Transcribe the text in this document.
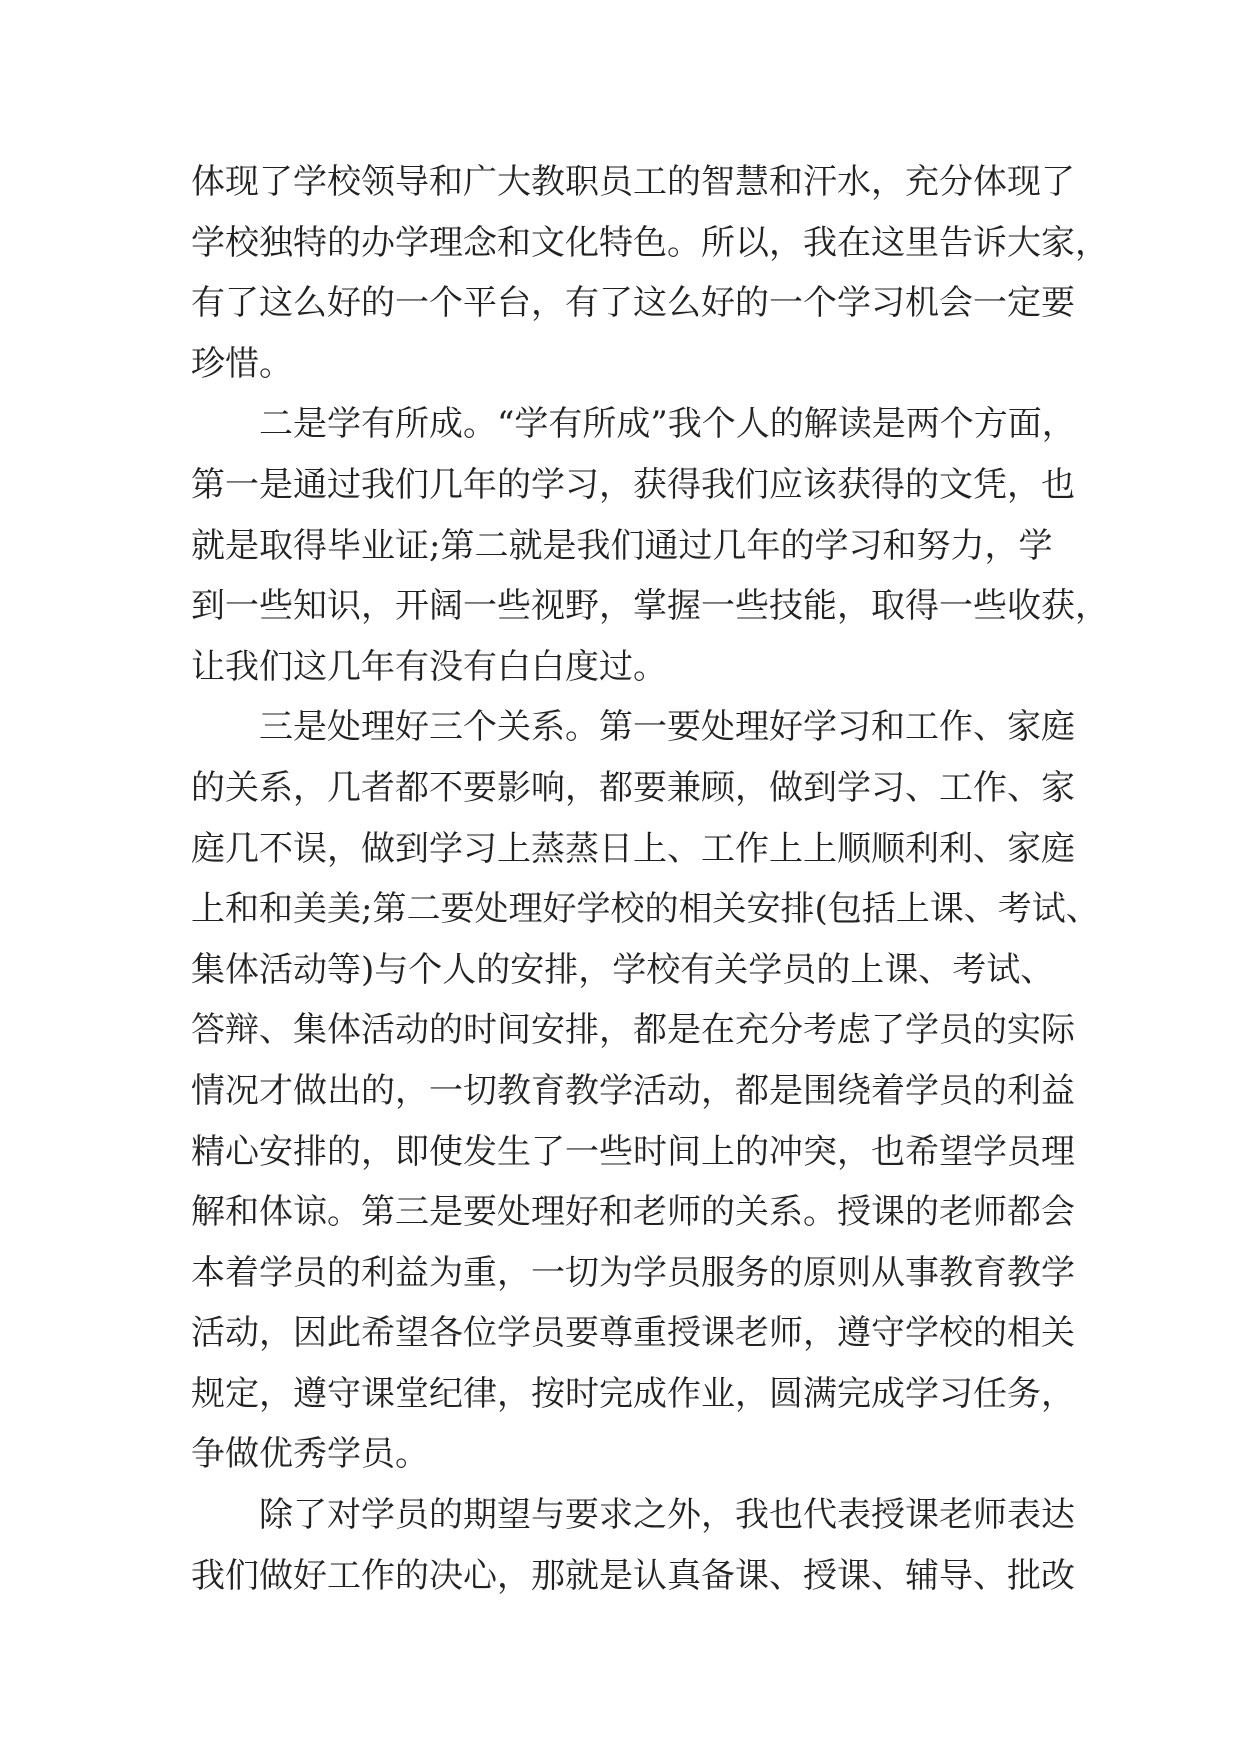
体现了学校领导和广大教职员工的智慧和汗水，充分体现了
学校独特的办学理念和文化特色。所以，我在这里告诉大家，
有了这么好的一个平台，有了这么好的一个学习机会一定要
珍惜。
二是学有所成。“学有所成”我个人的解读是两个方面，
第一是通过我们几年的学习，获得我们应该获得的文凭，也
就是取得毕业证;第二就是我们通过几年的学习和努力，学
到一些知识，开阔一些视野，掌握一些技能，取得一些收获，
让我们这几年有没有白白度过。
三是处理好三个关系。第一要处理好学习和工作、家庭
的关系，几者都不要影响，都要兼顾，做到学习、工作、家
庭几不误，做到学习上蒸蒸日上、工作上上顺顺利利、家庭
上和和美美;第二要处理好学校的相关安排(包括上课、考试、
集体活动等)与个人的安排，学校有关学员的上课、考试、
答辩、集体活动的时间安排，都是在充分考虑了学员的实际
情况才做出的，一切教育教学活动，都是围绕着学员的利益
精心安排的，即使发生了一些时间上的冲突，也希望学员理
解和体谅。第三是要处理好和老师的关系。授课的老师都会
本着学员的利益为重，一切为学员服务的原则从事教育教学
活动，因此希望各位学员要尊重授课老师，遵守学校的相关
规定，遵守课堂纪律，按时完成作业，圆满完成学习任务，
争做优秀学员。
除了对学员的期望与要求之外，我也代表授课老师表达
我们做好工作的决心，那就是认真备课、授课、辅导、批改
